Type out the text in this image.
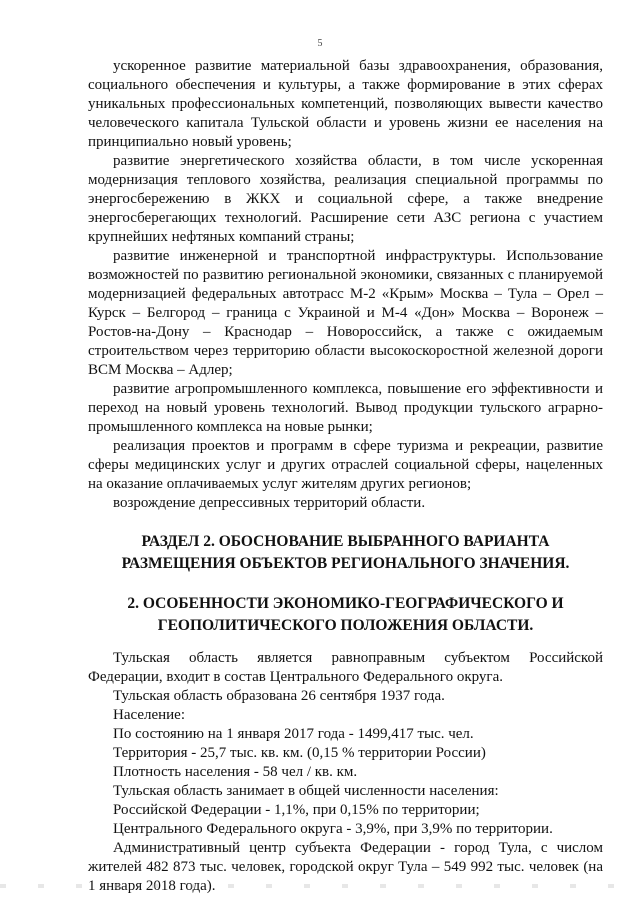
5

ускоренное развитие материальной базы здравоохранения, образования, социального обеспечения и культуры, а также формирование в этих сферах уникальных профессиональных компетенций, позволяющих вывести качество человеческого капитала Тульской области и уровень жизни ее населения на принципиально новый уровень;

развитие энергетического хозяйства области, в том числе ускоренная модернизация теплового хозяйства, реализация специальной программы по энергосбережению в ЖКХ и социальной сфере, а также внедрение энергосберегающих технологий. Расширение сети АЗС региона с участием крупнейших нефтяных компаний страны;

развитие инженерной и транспортной инфраструктуры. Использование возможностей по развитию региональной экономики, связанных с планируемой модернизацией федеральных автотрасс М-2 «Крым» Москва – Тула – Орел – Курск – Белгород – граница с Украиной и М-4 «Дон» Москва – Воронеж – Ростов-на-Дону – Краснодар – Новороссийск, а также с ожидаемым строительством через территорию области высокоскоростной железной дороги ВСМ Москва – Адлер;

развитие агропромышленного комплекса, повышение его эффективности и переход на новый уровень технологий. Вывод продукции тульского аграрно-промышленного комплекса на новые рынки;

реализация проектов и программ в сфере туризма и рекреации, развитие сферы медицинских услуг и других отраслей социальной сферы, нацеленных на оказание оплачиваемых услуг жителям других регионов;

возрождение депрессивных территорий области.

РАЗДЕЛ 2. ОБОСНОВАНИЕ ВЫБРАННОГО ВАРИАНТА РАЗМЕЩЕНИЯ ОБЪЕКТОВ РЕГИОНАЛЬНОГО ЗНАЧЕНИЯ.
2. ОСОБЕННОСТИ ЭКОНОМИКО-ГЕОГРАФИЧЕСКОГО И ГЕОПОЛИТИЧЕСКОГО ПОЛОЖЕНИЯ ОБЛАСТИ.

Тульская область является равноправным субъектом Российской Федерации, входит в состав Центрального Федерального округа.

Тульская область образована 26 сентября 1937 года.

Население:

По состоянию на 1 января 2017 года - 1499,417 тыс. чел.

Территория - 25,7 тыс. кв. км. (0,15 % территории России)

Плотность населения - 58 чел / кв. км.

Тульская область занимает в общей численности населения:

Российской Федерации - 1,1%, при 0,15% по территории;

Центрального Федерального округа - 3,9%, при 3,9% по территории.

Административный центр субъекта Федерации - город Тула, с числом жителей 482 873 тыс. человек, городской округ Тула – 549 992 тыс. человек (на 1 января 2018 года).
